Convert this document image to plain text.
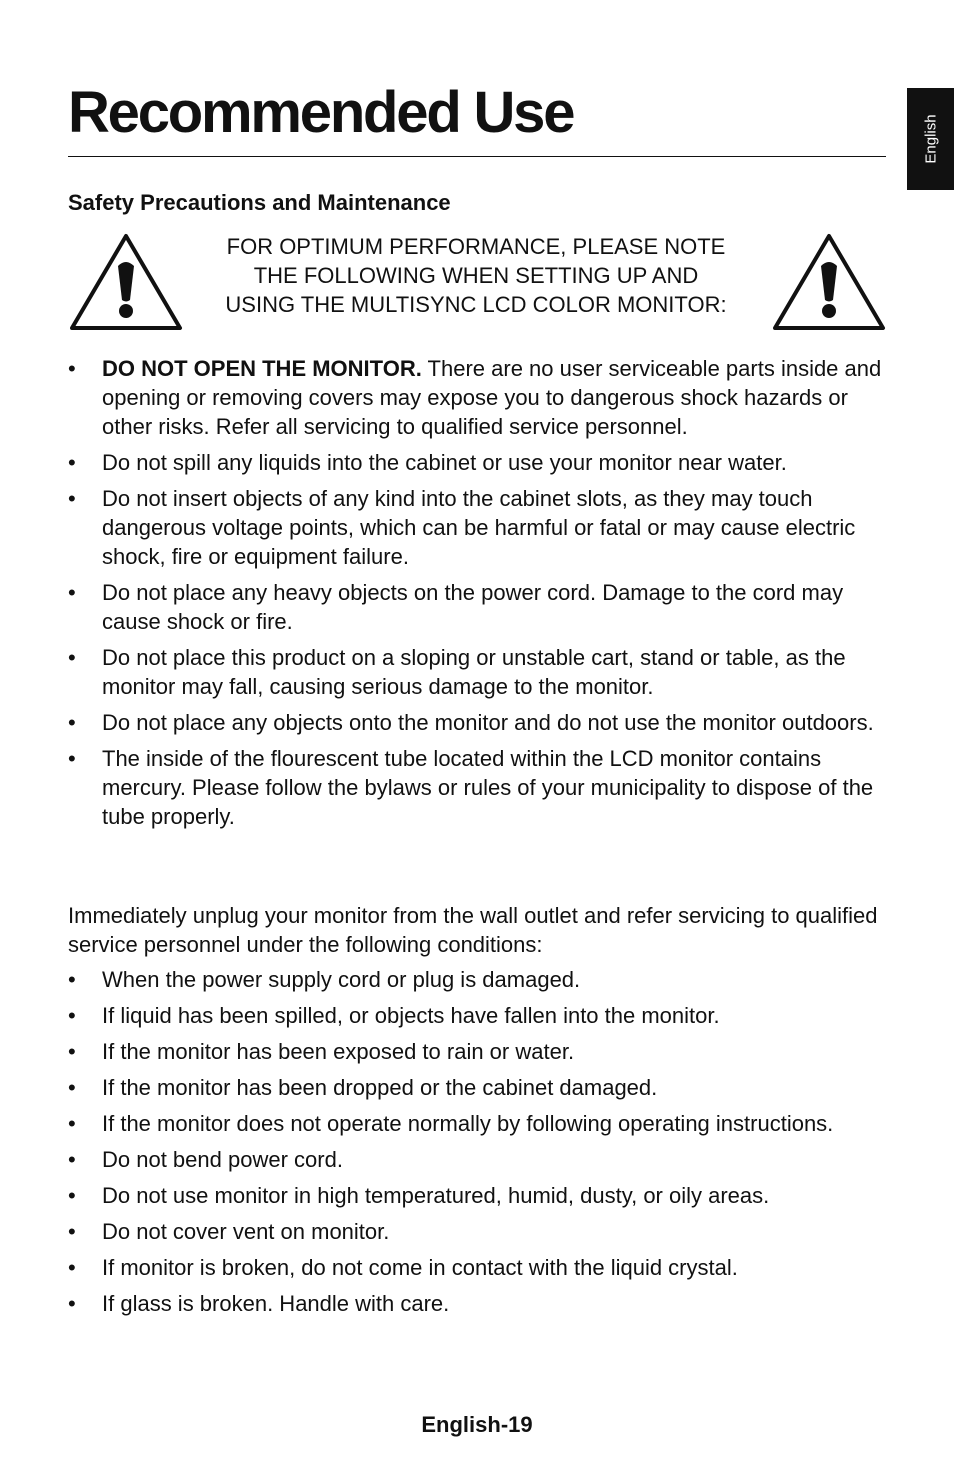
English
Recommended Use
Safety Precautions and Maintenance
FOR OPTIMUM PERFORMANCE, PLEASE NOTE
THE FOLLOWING WHEN SETTING UP AND
USING THE MULTISYNC LCD COLOR MONITOR:
• DO NOT OPEN THE MONITOR. There are no user serviceable parts inside and opening or removing covers may expose you to dangerous shock hazards or other risks. Refer all servicing to qualified service personnel.
• Do not spill any liquids into the cabinet or use your monitor near water.
• Do not insert objects of any kind into the cabinet slots, as they may touch dangerous voltage points, which can be harmful or fatal or may cause electric shock, fire or equipment failure.
• Do not place any heavy objects on the power cord. Damage to the cord may cause shock or fire.
• Do not place this product on a sloping or unstable cart, stand or table, as the monitor may fall, causing serious damage to the monitor.
• Do not place any objects onto the monitor and do not use the monitor outdoors.
• The inside of the flourescent tube located within the LCD monitor contains mercury. Please follow the bylaws or rules of your municipality to dispose of the tube properly.

Immediately unplug your monitor from the wall outlet and refer servicing to qualified service personnel under the following conditions:

• When the power supply cord or plug is damaged.
• If liquid has been spilled, or objects have fallen into the monitor.
• If the monitor has been exposed to rain or water.
• If the monitor has been dropped or the cabinet damaged.
• If the monitor does not operate normally by following operating instructions.
• Do not bend power cord.
• Do not use monitor in high temperatured, humid, dusty, or oily areas.
• Do not cover vent on monitor.
• If monitor is broken, do not come in contact with the liquid crystal.
• If glass is broken. Handle with care.
English-19
